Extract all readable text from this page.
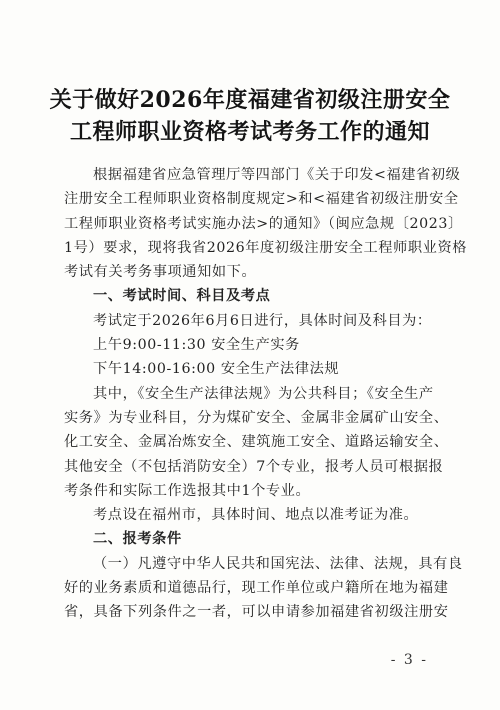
关于做好2026年度福建省初级注册安全
工程师职业资格考试考务工作的通知

根据福建省应急管理厅等四部门《关于印发<福建省初级

注册安全工程师职业资格制度规定>和<福建省初级注册安全

工程师职业资格考试实施办法>的通知》（闽应急规〔2023〕

1号）要求，现将我省2026年度初级注册安全工程师职业资格

考试有关考务事项通知如下。

一、考试时间、科目及考点

考试定于2026年6月6日进行，具体时间及科目为：

上午9:00-11:30 安全生产实务

下午14:00-16:00 安全生产法律法规

其中，《安全生产法律法规》为公共科目；《安全生产

实务》为专业科目，分为煤矿安全、金属非金属矿山安全、

化工安全、金属冶炼安全、建筑施工安全、道路运输安全、

其他安全（不包括消防安全）7个专业，报考人员可根据报

考条件和实际工作选报其中1个专业。

考点设在福州市，具体时间、地点以准考证为准。

二、报考条件

（一）凡遵守中华人民共和国宪法、法律、法规，具有良

好的业务素质和道德品行，现工作单位或户籍所在地为福建

省，具备下列条件之一者，可以申请参加福建省初级注册安

- 3 -
